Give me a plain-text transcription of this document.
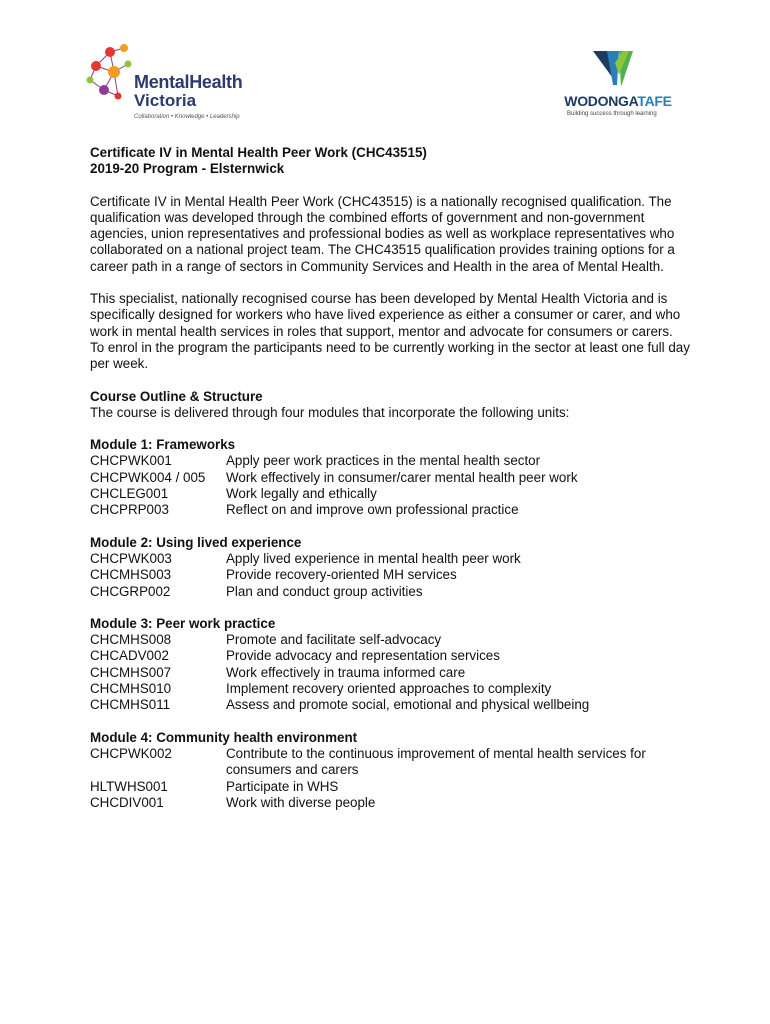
MentalHealth
Victoria
Collaboration • Knowledge • Leadership
WODONGATAFE
Building success through learning

Certificate IV in Mental Health Peer Work (CHC43515)

2019-20 Program - Elsternwick

Certificate IV in Mental Health Peer Work (CHC43515) is a nationally recognised qualification. The qualification was developed through the combined efforts of government and non-government agencies, union representatives and professional bodies as well as workplace representatives who collaborated on a national project team. The CHC43515 qualification provides training options for a career path in a range of sectors in Community Services and Health in the area of Mental Health.

This specialist, nationally recognised course has been developed by Mental Health Victoria and is specifically designed for workers who have lived experience as either a consumer or carer, and who work in mental health services in roles that support, mentor and advocate for consumers or carers. To enrol in the program the participants need to be currently working in the sector at least one full day per week.

Course Outline & Structure

The course is delivered through four modules that incorporate the following units:

Module 1: Frameworks

CHCPWK001	Apply peer work practices in the mental health sector
CHCPWK004 / 005	Work effectively in consumer/carer mental health peer work
CHCLEG001	Work legally and ethically
CHCPRP003	Reflect on and improve own professional practice

Module 2: Using lived experience

CHCPWK003	Apply lived experience in mental health peer work
CHCMHS003	Provide recovery-oriented MH services
CHCGRP002	Plan and conduct group activities

Module 3: Peer work practice

CHCMHS008	Promote and facilitate self-advocacy
CHCADV002	Provide advocacy and representation services
CHCMHS007	Work effectively in trauma informed care
CHCMHS010	Implement recovery oriented approaches to complexity
CHCMHS011	Assess and promote social, emotional and physical wellbeing

Module 4: Community health environment

CHCPWK002	Contribute to the continuous improvement of mental health services for consumers and carers
HLTWHS001	Participate in WHS
CHCDIV001	Work with diverse people
